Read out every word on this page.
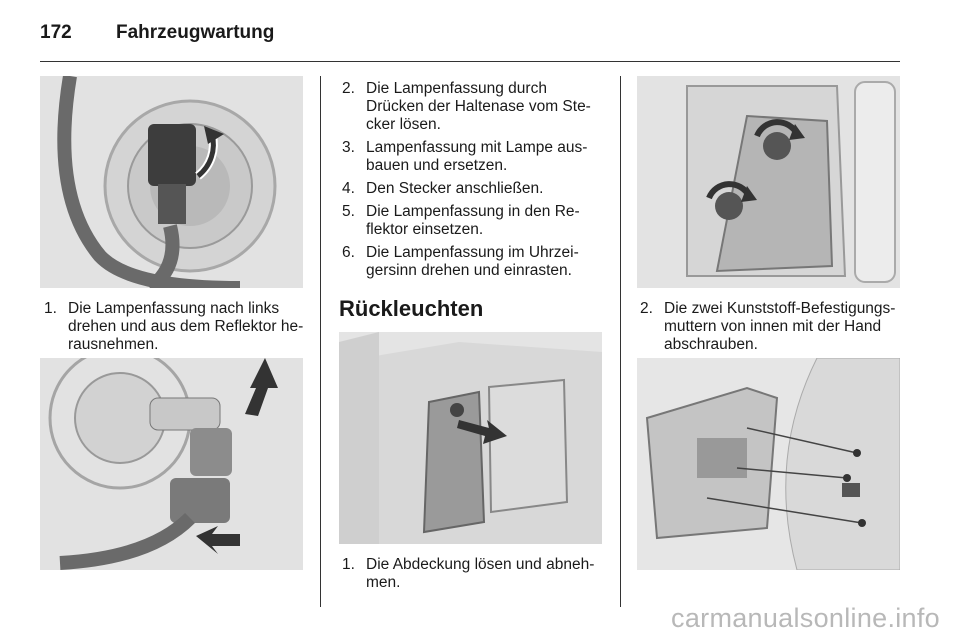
172 Fahrzeugwartung
1. Die Lampenfassung nach links drehen und aus dem Reflektor he-rausnehmen.
2. Die Lampenfassung durch Drücken der Haltenase vom Ste-cker lösen.
3. Lampenfassung mit Lampe aus-bauen und ersetzen.
4. Den Stecker anschließen.
5. Die Lampenfassung in den Re-flektor einsetzen.
6. Die Lampenfassung im Uhrzei-gersinn drehen und einrasten.
Rückleuchten
1. Die Abdeckung lösen und abneh-men.
2. Die zwei Kunststoff-Befestigungs-muttern von innen mit der Hand abschrauben.
carmanualsonline.info
